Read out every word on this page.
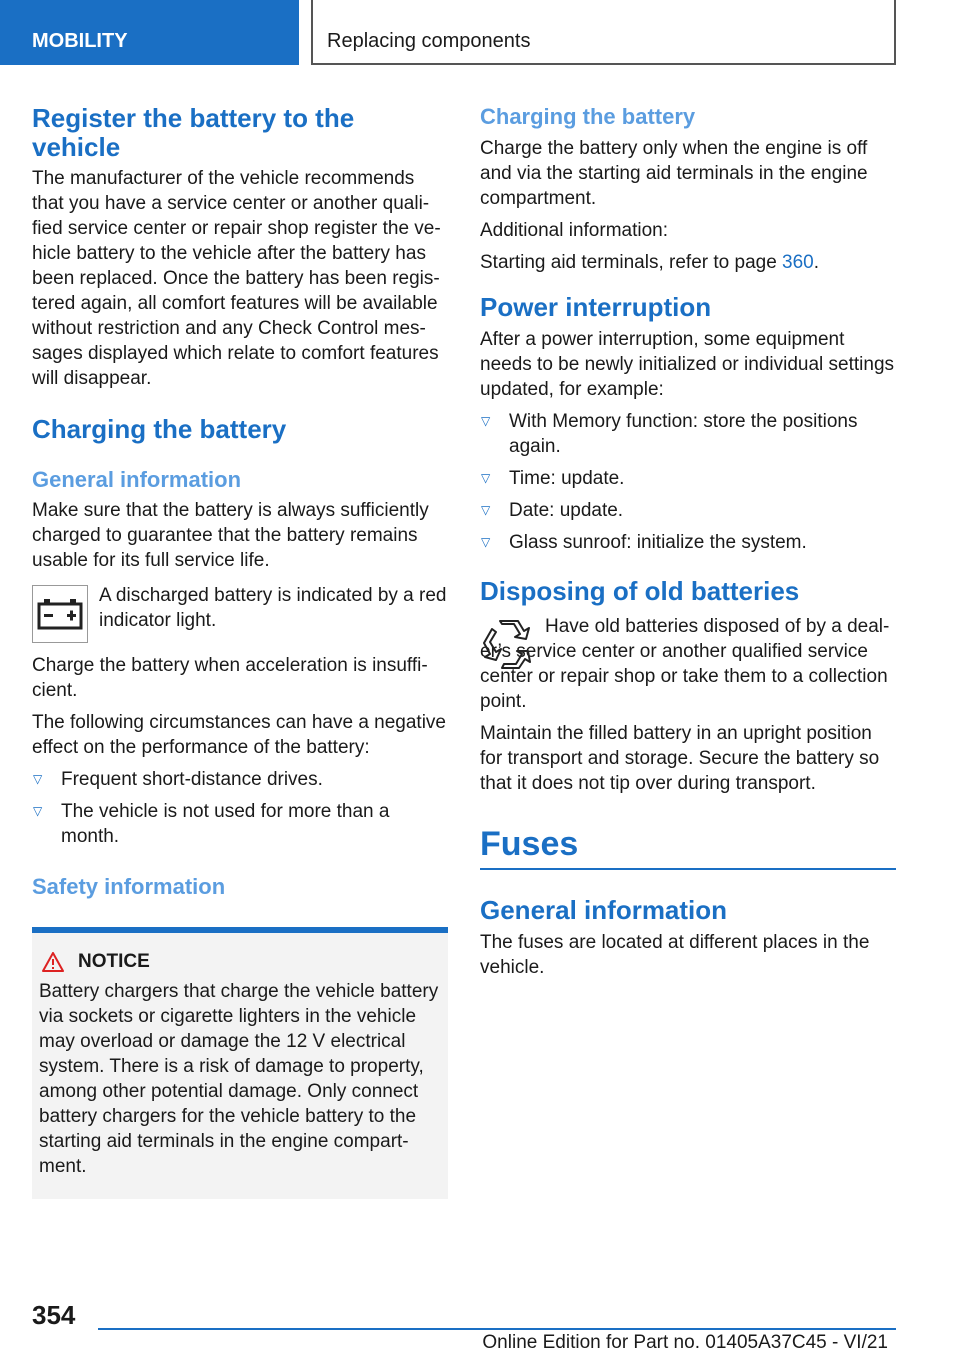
MOBILITY	Replacing components
Register the battery to the vehicle

The manufacturer of the vehicle recommends that you have a service center or another quali-fied service center or repair shop register the ve-hicle battery to the vehicle after the battery has been replaced. Once the battery has been regis-tered again, all comfort features will be available without restriction and any Check Control mes-sages displayed which relate to comfort features will disappear.

Charging the battery
General information

Make sure that the battery is always sufficiently charged to guarantee that the battery remains usable for its full service life.

A discharged battery is indicated by a red indicator light.

Charge the battery when acceleration is insuffi-cient.

The following circumstances can have a negative effect on the performance of the battery:

▽ Frequent short-distance drives.
▽ The vehicle is not used for more than a month.
Safety information
NOTICE

Battery chargers that charge the vehicle battery via sockets or cigarette lighters in the vehicle may overload or damage the 12 V electrical system. There is a risk of damage to property, among other potential damage. Only connect battery chargers for the vehicle battery to the starting aid terminals in the engine compart-ment.

Charging the battery

Charge the battery only when the engine is off and via the starting aid terminals in the engine compartment.

Additional information:

Starting aid terminals, refer to page 360.

Power interruption

After a power interruption, some equipment needs to be newly initialized or individual settings updated, for example:

▽ With Memory function: store the positions again.
▽ Time: update.
▽ Date: update.
▽ Glass sunroof: initialize the system.
Disposing of old batteries

Have old batteries disposed of by a deal-er’s service center or another qualified service center or repair shop or take them to a collection point.

Maintain the filled battery in an upright position for transport and storage. Secure the battery so that it does not tip over during transport.

Fuses
General information

The fuses are located at different places in the vehicle.

354
Online Edition for Part no. 01405A37C45 - VI/21
